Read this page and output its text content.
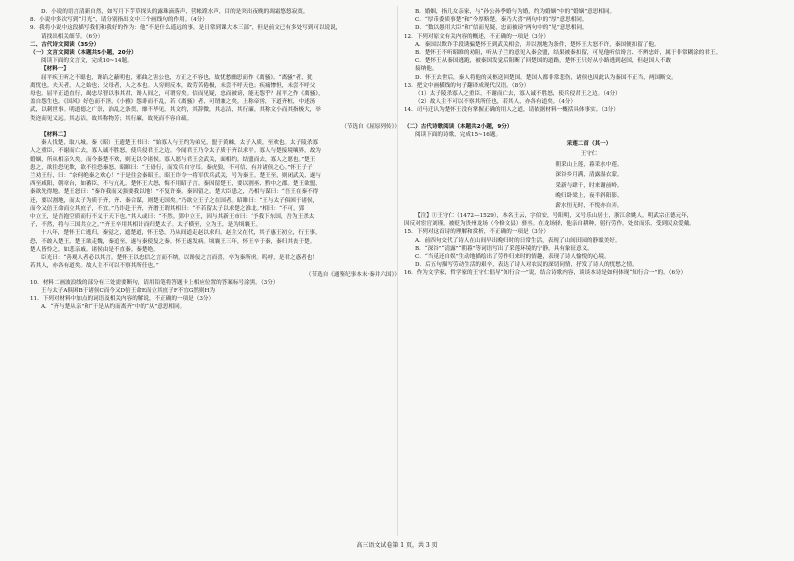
D．小说的语言清新自然，如写月下芋草探头的露珠滴落声，营帐蹚水声，目的是突出夜晚的凋霜悠悠寂寞。
8．小说中多次写到“月光”，请分别指出文中三个画线句的作用。（4分）
9．我将小说中这段描写我们和我好的作为：他“不是什么遥远的事，是日常到课大本三部”，但是前文已有多处写到可以说说，
请找出相关细节。（6分）
二、古代诗文阅读（35分）
（一）文言文阅读（本题共5小题，20分）
阅读下面的文言文，完成10~14题。
【材料一】
屈平疾王听之不聪也，谗谄之蔽明也，邪曲之害公也，方正之不容也，故忧愁幽思而作《离骚》。“离骚”者，犹
离忧也。夫天者，人之始也；父母者，人之本也。人穷则反本，故劳苦倦极，未尝不呼天也；疾痛惨怛，未尝不呼父
母也。屈平正道直行，竭忠尽智以事其君，谗人间之，可谓穷矣。信而见疑，忠而被谤，能无怨乎？屈平之作《离骚》，
盖自怨生也。《国风》好色而不淫，《小雅》怨诽而不乱，若《离骚》者，可谓兼之矣。上称帝喾，下道齐桓，中述汤
武，以刺世事。明道德之广崇，治乱之条贯，靡不毕见。其文约，其辞微，其志洁，其行廉。其称文小而其指极大，举
类迩而见义远。其志洁，故其称物芳；其行廉，故死而不容自疏。
（节选自《屈原列传》）
【材料二】
秦人伐楚，取八城。秦（昭）王遗楚王书曰：“始寡人与王约为弟兄，盟于黄棘，太子入质，至欢也。太子陵杀寡
人之重臣，不谢而亡去，寡人诚不胜怒，使兵侵君王之边。今闻君王乃令太子质于齐以求平。寡人与楚接境壤界，故为
婚姻，所从相亲久矣。而今秦楚不欢，则无以令诸侯。寡人愿与君王会武关，面相约，结盟而去，寡人之愿也。”楚王
患之，欲往恐见欺，欲不往恐秦怒。昭睢曰：“王毋行，而发兵自守耳。秦虎狼，不可信，有并诸侯之心。”怀王子子
兰劝王行，曰：“奈何绝秦之欢心！”于是往会秦昭王。昭王诈令一将军伏兵武关，号为秦王。楚王至，则闭武关，遂与
西至咸阳，朝章台，如蕃臣，不与亢礼。楚怀王大怒，悔不用昭子言。秦因留楚王，要以割巫、黔中之郡。楚王欲盟，
秦欲先得地。楚王怒曰：“秦诈我而又强要我以地！”不复许秦。秦因留之。楚大臣患之，乃相与谋曰：“吾王在秦不得
还，要以割地，而太子为质于齐，齐、秦合谋，则楚无国矣。”乃欲立王子之在国者。昭睢曰：“王与太子俱困于诸侯，
而今又倍王命而立其庶子，不宜。”乃诈赴于齐，齐湣王谓其相曰：“不若留太子以求楚之淮北。”相曰：“不可，郢
中立王，是吾抱空质而行不义于天下也。”其人或曰：“不然。郢中立王，因与其新王市曰：‘予我下东国，吾为王杀太
子，不然，将与三国共立之。’”齐王卒用其相计而归楚太子。太子横至，立为王，是为顷襄王。
十八年，楚怀王亡逃归，秦觉之，遮楚道，怀王恐，乃从间道走赵以求归。赵主父在代，其子惠王初立，行王事，
恐，不敢入楚王。楚王欲走魏，秦追至，遂与秦使复之秦。怀王遂发病。顷襄王三年，怀王卒于秦，秦归其丧于楚。
楚人皆怜之，如悲亲戚。诸侯由是不直秦。秦楚绝。
臣光曰：“善观人者必以其言。楚怀王以忠信之言而不纳，以谗佞之言而喜，卒为秦所虏。呜呼，是君之惑者也！
若其人，亦各有道矣。故人主不可以不察其所任也。”
（节选自《通鉴纪事本末·秦并六国》）
10．材料二画波浪线的部分有三处需要断句，请用铅笔将答题卡上相应位置的答案标号涂黑。（3分）
王与太子A俱困B于诸侯C而今又D倍王命E而立其庶子F不宜G然则H为
11．下列对材料中加点的词语及相关内容的解说，不正确的一项是（3分）
A．“齐与楚从亲”和“于是从约而离齐”中的“从”意思相同。
B．婚姻，指儿女亲家，与“孙公孙季婚与为婚，约为婚姻”中的“婚姻”意思相同。
C．“厚币委质事楚”和“今厚赂楚，秦乃大喜”两句中的“厚”意思相同。
D．“数以愚用大臣”和“信而见疑，忠而被谤”两句中的“见”意思相同。
12．下列对原文有关内容的概述，不正确的一项是（3分）
A．秦国以欺诈手段诱骗楚怀王到武关相会，并以割地为条件，楚怀王大怒不许，秦国便扣留了他。
B．楚怀王不听昭睢的劝阻，听从子兰的意见入秦会盟，结果被秦扣留，可见他听信谗言、不辨忠奸，属于非常糊涂的君王。
C．楚怀王从秦国逃跑，被秦国发觉后阻断了回楚国的道路，楚怀王只好从小路逃到赵国，但赵国人不敢
接纳他。
D．怀王去世后，秦人将他的灵柩送回楚国。楚国人都非常悲伤，诸侯也因此认为秦国不正当，两国断交。
13．把文中画横线的句子翻译成现代汉语。（8分）
（1）太子陵杀寡人之重臣，不谢而亡去，寡人诚不胜怒，使兵侵君王之边。（4分）
（2）故人主不可以不察其所任也，若其人，亦各有道矣。（4分）
14．司马迁认为楚怀王没有掌握正确的用人之道，请依据材料一概括具体事实。（3分）
（二）古代诗歌阅读（本题共2小题，9分）
阅读下面的诗歌，完成15~16题。
采莲二首（其一）
王守仁
朝采山上莲，暮采水中莲。
深谷乡月满，清露湿衣蒙。
采新与肆千，时来谢前岭。
晚归卧梁上，夜半斜阳影。
薪水恒无时，不悦亦自弄。
【注】①王守仁（1472—1529），本名王云，字伯安，号阳明，又号乐山居士，浙江余姚人。明武宗正德元年，
因反对宦官刘瑾，被贬为贵州龙场（今修文县）驿丞。在龙场驿，他亲自耕种，躬行劳作，处贫而乐，受到民众爱戴。
15．下列对这首诗的理解和赏析，不正确的一项是（3分）
A．前四句交代了诗人在山间早出晚归时的日常生活，表现了山间田园的静谧美好。
B．“深谷”“清露”“朝暮”等词语写出了采莲环境的宁静，具有象征意义。
C．“当觅还自娱”生动地描绘出了劳作归来时的情趣，表现了诗人愉悦的心境。
D．后五句描写劳动生活的艰辛，表达了诗人对农民的深切同情，抒发了诗人的忧愁之情。
16．作为文学家，哲学家的王守仁倡导“知行合一”说，结合诗歌内容，谈谈本诗是如何体现“知行合一”的。（6分）
高三语文试卷第 1 页，共 3 页
